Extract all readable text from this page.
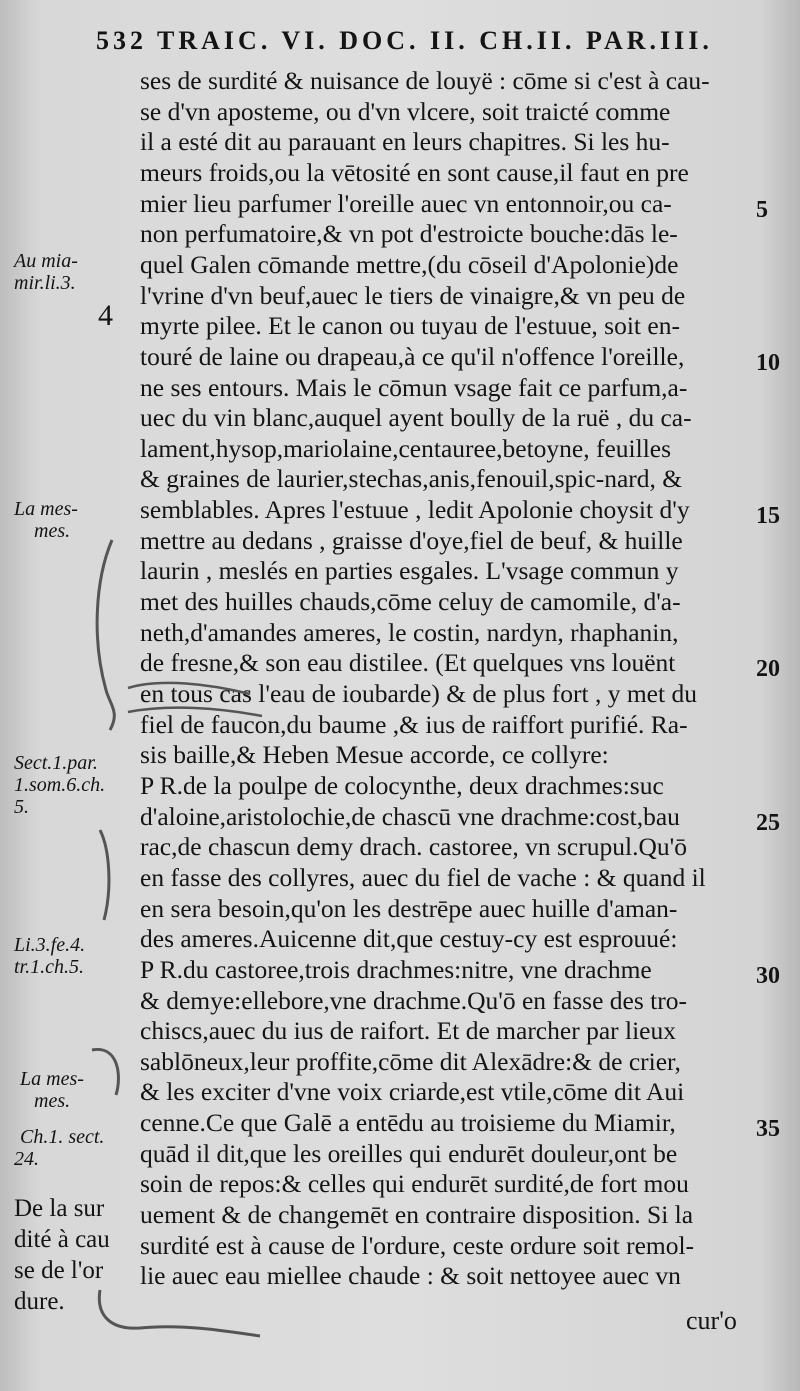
532 TRAIC. VI. DOC. II. CH.II. PAR.III.
ses de surdité & nuisance de louyë : cōme si c'est à cau-
se d'vn aposteme, ou d'vn vlcere, soit traicté comme
il a esté dit au parauant en leurs chapitres. Si les hu-
meurs froids,ou la vētosité en sont cause,il faut en pre
mier lieu parfumer l'oreille auec vn entonnoir,ou ca-
non perfumatoire,& vn pot d'estroicte bouche:dās le-
quel Galen cōmande mettre,(du cōseil d'Apolonie)de
l'vrine d'vn beuf,auec le tiers de vinaigre,& vn peu de
myrte pilee. Et le canon ou tuyau de l'estuue, soit en-
touré de laine ou drapeau,à ce qu'il n'offence l'oreille,
ne ses entours. Mais le cōmun vsage fait ce parfum,a-
uec du vin blanc,auquel ayent boully de la ruë , du ca-
lament,hysop,mariolaine,centauree,betoyne, feuilles
& graines de laurier,stechas,anis,fenouil,spic-nard, &
semblables. Apres l'estuue , ledit Apolonie choysit d'y
mettre au dedans , graisse d'oye,fiel de beuf, & huille
laurin , meslés en parties esgales. L'vsage commun y
met des huilles chauds,cōme celuy de camomile, d'a-
neth,d'amandes ameres, le costin, nardyn, rhaphanin,
de fresne,& son eau distilee. (Et quelques vns louënt
en tous cas l'eau de ioubarde) & de plus fort , y met du
fiel de faucon,du baume ,& ius de raiffort purifié. Ra-
sis baille,& Heben Mesue accorde, ce collyre:
P R.de la poulpe de colocynthe, deux drachmes:suc
d'aloine,aristolochie,de chascū vne drachme:cost,bau
rac,de chascun demy drach. castoree, vn scrupul.Qu'ō
en fasse des collyres, auec du fiel de vache : & quand il
en sera besoin,qu'on les destrēpe auec huille d'aman-
des ameres.Auicenne dit,que cestuy-cy est esprouué:
P R.du castoree,trois drachmes:nitre, vne drachme
& demye:ellebore,vne drachme.Qu'ō en fasse des tro-
chiscs,auec du ius de raifort. Et de marcher par lieux
sablōneux,leur proffite,cōme dit Alexādre:& de crier,
& les exciter d'vne voix criarde,est vtile,cōme dit Aui
cenne.Ce que Galē a entēdu au troisieme du Miamir,
quād il dit,que les oreilles qui endurēt douleur,ont be
soin de repos:& celles qui endurēt surdité,de fort mou
uement & de changemēt en contraire disposition. Si la
surdité est à cause de l'ordure, ceste ordure soit remol-
lie auec eau miellee chaude : & soit nettoyee auec vn
5
10
15
20
25
30
35
Au mia-
mir.li.3.
4
La mes-
mes.
Sect.1.par.
1.som.6.ch.
5.
Li.3.fe.4.
tr.1.ch.5.
La mes-
mes.
Ch.1. sect.
24.
De la sur
dité à cau
se de l'or
dure.
cur'o
